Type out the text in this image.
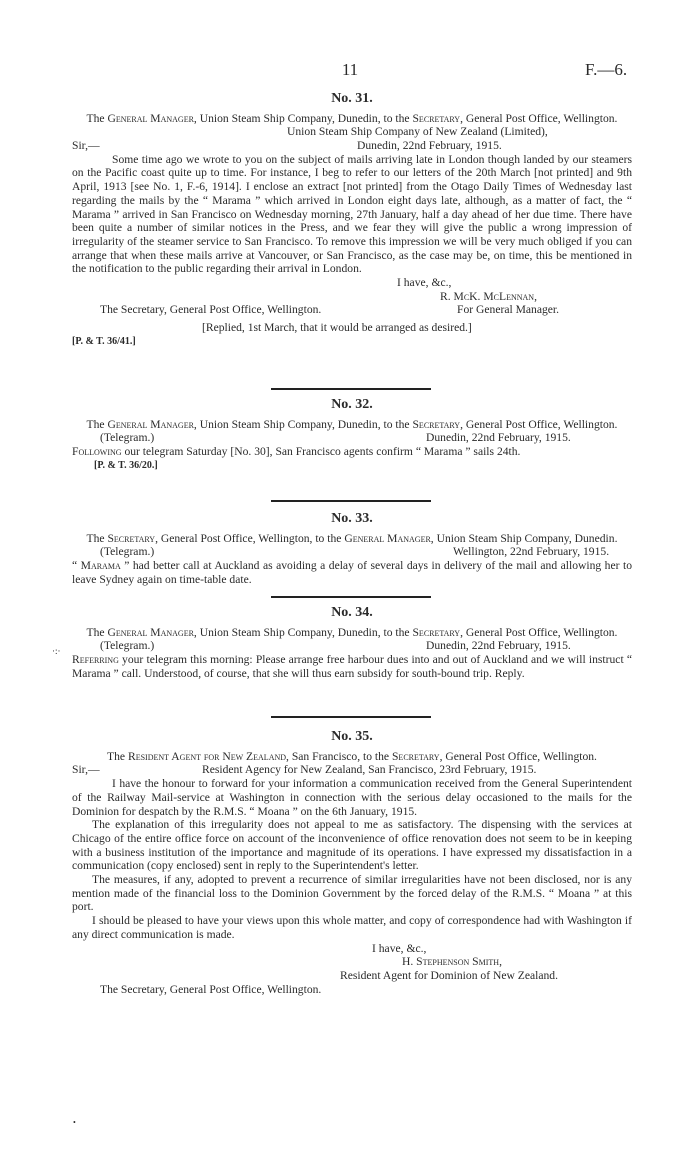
11	F.—6.
No. 31.

The General Manager, Union Steam Ship Company, Dunedin, to the Secretary, General Post Office, Wellington.

Union Steam Ship Company of New Zealand (Limited),
Sir,—	Dunedin, 22nd February, 1915.

Some time ago we wrote to you on the subject of mails arriving late in London though landed by our steamers on the Pacific coast quite up to time. For instance, I beg to refer to our letters of the 20th March [not printed] and 9th April, 1913 [see No. 1, F.-6, 1914]. I enclose an extract [not printed] from the Otago Daily Times of Wednesday last regarding the mails by the “ Marama ” which arrived in London eight days late, although, as a matter of fact, the “ Marama ” arrived in San Francisco on Wednesday morning, 27th January, half a day ahead of her due time. There have been quite a number of similar notices in the Press, and we fear they will give the public a wrong impression of irregularity of the steamer service to San Francisco. To remove this impression we will be very much obliged if you can arrange that when these mails arrive at Vancouver, or San Francisco, as the case may be, on time, this be mentioned in the notification to the public regarding their arrival in London.

I have, &c.,
R. McK. McLennan,
The Secretary, General Post Office, Wellington.	For General Manager.
[Replied, 1st March, that it would be arranged as desired.]
[P. & T. 36/41.]
No. 32.

The General Manager, Union Steam Ship Company, Dunedin, to the Secretary, General Post Office, Wellington.

(Telegram.)	Dunedin, 22nd February, 1915.

Following our telegram Saturday [No. 30], San Francisco agents confirm “ Marama ” sails 24th.

[P. & T. 36/20.]
No. 33.

The Secretary, General Post Office, Wellington, to the General Manager, Union Steam Ship Company, Dunedin.

(Telegram.)	Wellington, 22nd February, 1915.

“ Marama ” had better call at Auckland as avoiding a delay of several days in delivery of the mail and allowing her to leave Sydney again on time-table date.

No. 34.

The General Manager, Union Steam Ship Company, Dunedin, to the Secretary, General Post Office, Wellington.

(Telegram.)	Dunedin, 22nd February, 1915.

Referring your telegram this morning: Please arrange free harbour dues into and out of Auckland and we will instruct “ Marama ” call. Understood, of course, that she will thus earn subsidy for south-bound trip. Reply.

No. 35.

The Resident Agent for New Zealand, San Francisco, to the Secretary, General Post Office, Wellington.

Sir,—	Resident Agency for New Zealand, San Francisco, 23rd February, 1915.

I have the honour to forward for your information a communication received from the General Superintendent of the Railway Mail-service at Washington in connection with the serious delay occasioned to the mails for the Dominion for despatch by the R.M.S. “ Moana ” on the 6th January, 1915.

The explanation of this irregularity does not appeal to me as satisfactory. The dispensing with the services at Chicago of the entire office force on account of the inconvenience of office renovation does not seem to be in keeping with a business institution of the importance and magnitude of its operations. I have expressed my dissatisfaction in a communication (copy enclosed) sent in reply to the Superintendent's letter.

The measures, if any, adopted to prevent a recurrence of similar irregularities have not been disclosed, nor is any mention made of the financial loss to the Dominion Government by the forced delay of the R.M.S. “ Moana ” at this port.

I should be pleased to have your views upon this whole matter, and copy of correspondence had with Washington if any direct communication is made.

I have, &c.,
H. Stephenson Smith,
Resident Agent for Dominion of New Zealand.
The Secretary, General Post Office, Wellington.
·:·
•
